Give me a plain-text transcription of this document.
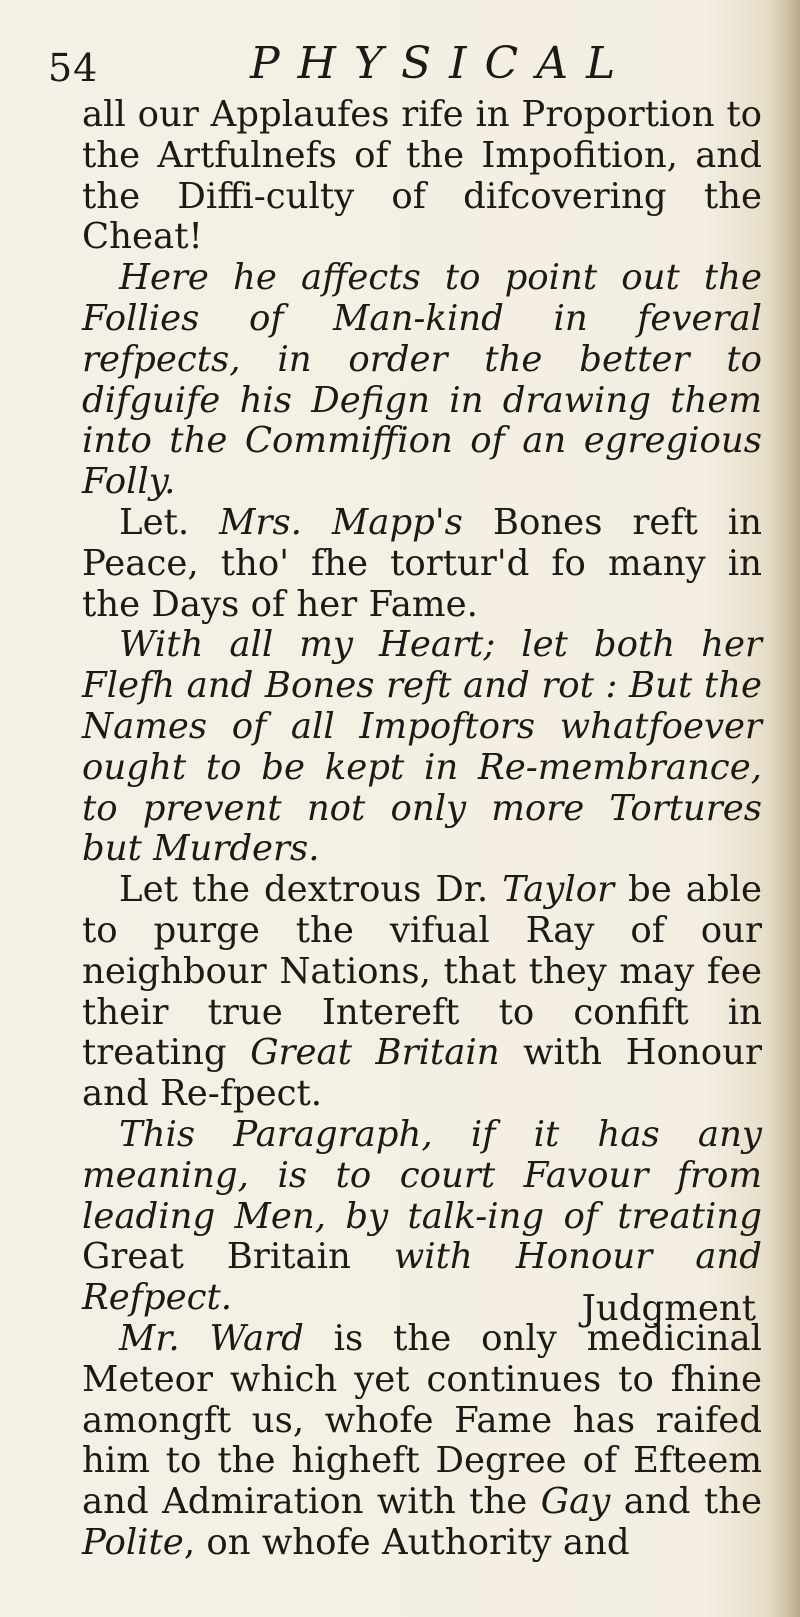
54	PHYSICAL

all our Applaufes rife in Proportion to the Artfulnefs of the Impofition, and the Diffi-culty of difcovering the Cheat!

Here he affects to point out the Follies of Man-kind in feveral refpects, in order the better to difguife his Defign in drawing them into the Commiffion of an egregious Folly.

Let. Mrs. Mapp's Bones reft in Peace, tho' fhe tortur'd fo many in the Days of her Fame.

With all my Heart; let both her Flefh and Bones reft and rot : But the Names of all Impoftors whatfoever ought to be kept in Re-membrance, to prevent not only more Tortures but Murders.

Let the dextrous Dr. Taylor be able to purge the vifual Ray of our neighbour Nations, that they may fee their true Intereft to confift in treating Great Britain with Honour and Re-fpect.

This Paragraph, if it has any meaning, is to court Favour from leading Men, by talk-ing of treating Great Britain with Honour and Refpect.

Mr. Ward is the only medicinal Meteor which yet continues to fhine amongft us, whofe Fame has raifed him to the higheft Degree of Efteem and Admiration with the Gay and the Polite, on whofe Authority and

Judgment
